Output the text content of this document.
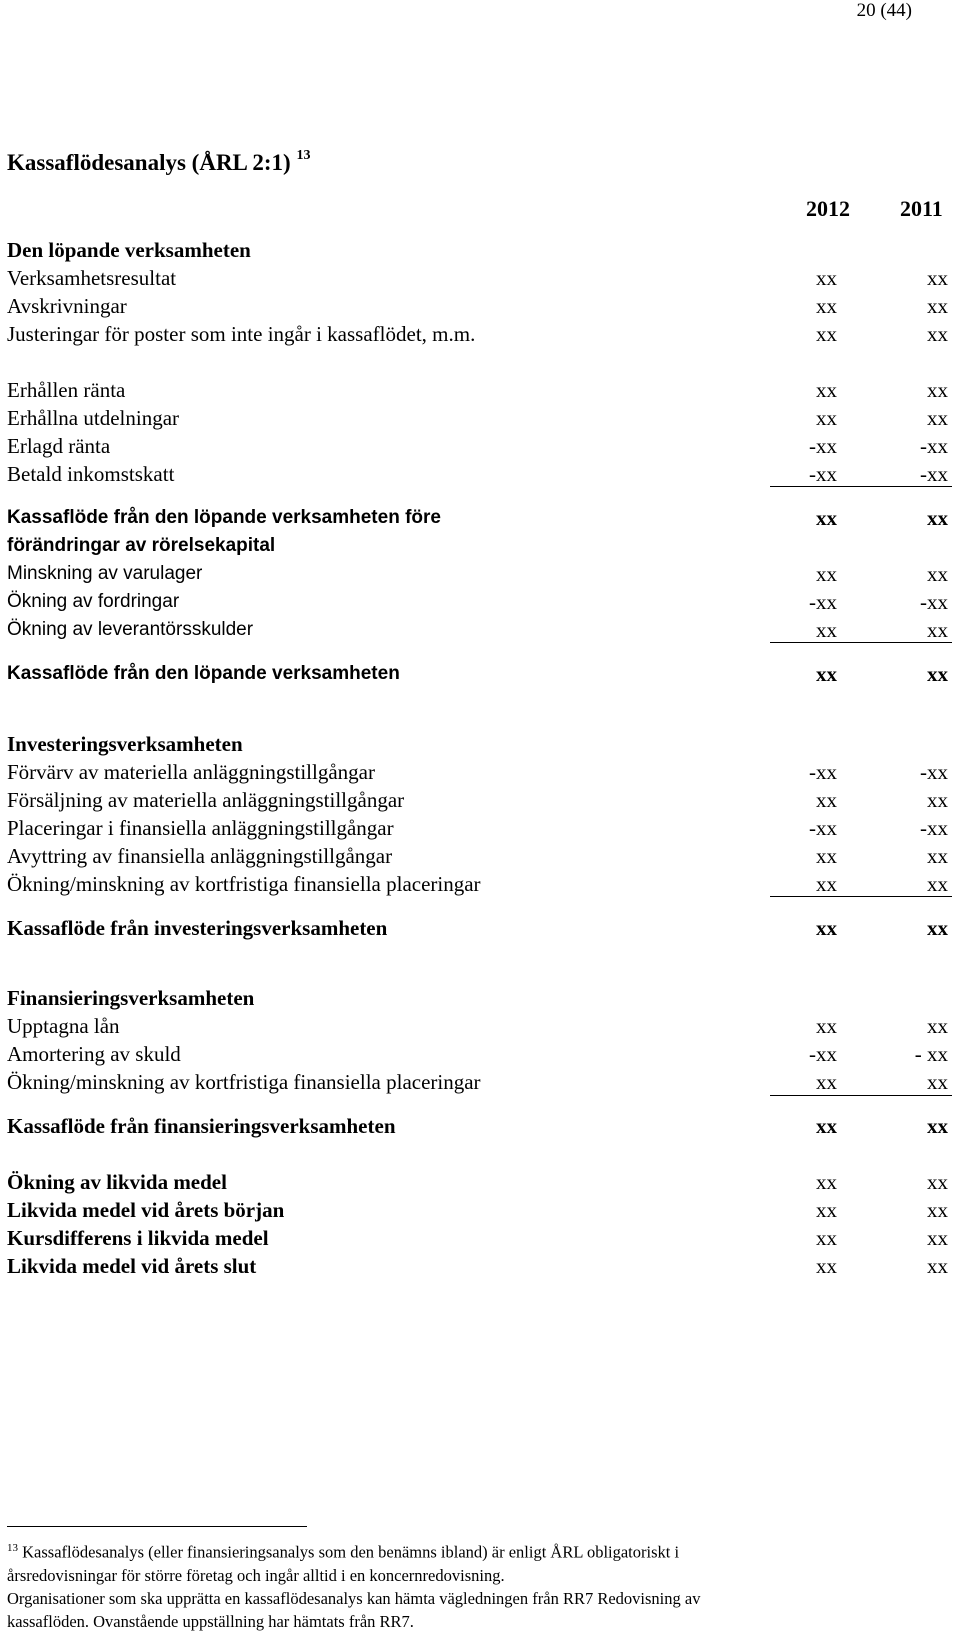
20 (44)
Kassaflödesanalys (ÅRL 2:1) $^{13}$
2012 2011
Den löpande verksamheten
Verksamhetsresultat	xx	xx
Avskrivningar	xx	xx
Justeringar för poster som inte ingår i kassaflödet, m.m.	xx	xx
Erhållen ränta	xx	xx
Erhållna utdelningar	xx	xx
Erlagd ränta	-xx	-xx
Betald inkomstskatt	-xx	-xx
Kassaflöde från den löpande verksamheten före	xx	xx
förändringar av rörelsekapital
Minskning av varulager	xx	xx
Ökning av fordringar	-xx	-xx
Ökning av leverantörsskulder	xx	xx
Kassaflöde från den löpande verksamheten	xx	xx
Investeringsverksamheten
Förvärv av materiella anläggningstillgångar	-xx	-xx
Försäljning av materiella anläggningstillgångar	xx	xx
Placeringar i finansiella anläggningstillgångar	-xx	-xx
Avyttring av finansiella anläggningstillgångar	xx	xx
Ökning/minskning av kortfristiga finansiella placeringar	xx	xx
Kassaflöde från investeringsverksamheten	xx	xx
Finansieringsverksamheten
Upptagna lån	xx	xx
Amortering av skuld	-xx	- xx
Ökning/minskning av kortfristiga finansiella placeringar	xx	xx
Kassaflöde från finansieringsverksamheten	xx	xx
Ökning av likvida medel	xx	xx
Likvida medel vid årets början	xx	xx
Kursdifferens i likvida medel	xx	xx
Likvida medel vid årets slut	xx	xx

$^{13}$ Kassaflödesanalys (eller finansieringsanalys som den benämns ibland) är enligt ÅRL obligatoriskt i
årsredovisningar för större företag och ingår alltid i en koncernredovisning.
Organisationer som ska upprätta en kassaflödesanalys kan hämta vägledningen från RR7 Redovisning av
kassaflöden. Ovanstående uppställning har hämtats från RR7.
